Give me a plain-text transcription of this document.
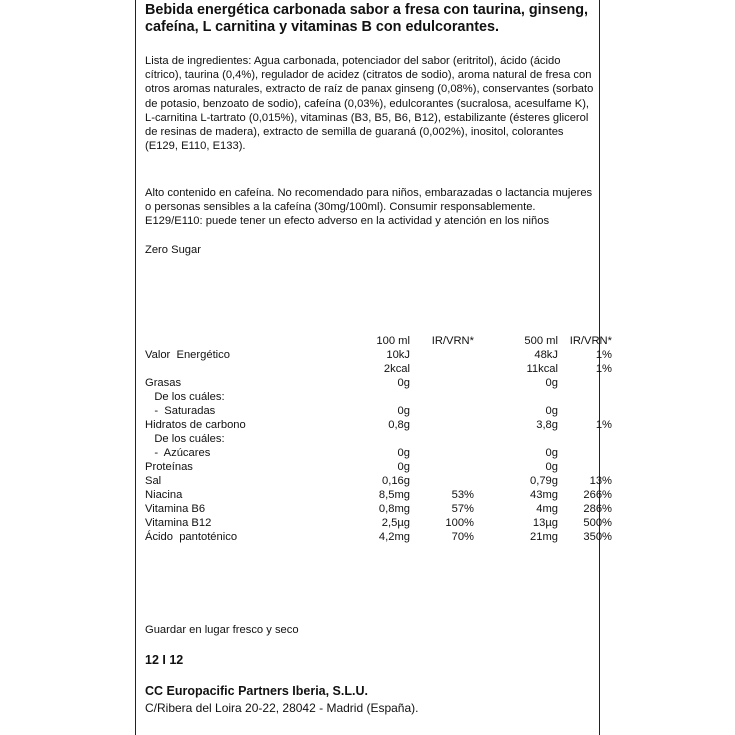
Bebida energética carbonada sabor a fresa con taurina, ginseng, cafeína, L carnitina y vitaminas B con edulcorantes.

Lista de ingredientes: Agua carbonada, potenciador del sabor (eritritol), ácido (ácido cítrico), taurina (0,4%), regulador de acidez (citratos de sodio), aroma natural de fresa con otros aromas naturales, extracto de raíz de panax ginseng (0,08%), conservantes (sorbato de potasio, benzoato de sodio), cafeína (0,03%), edulcorantes (sucralosa, acesulfame K), L-carnitina L-tartrato (0,015%), vitaminas (B3, B5, B6, B12), estabilizante (ésteres glicerol de resinas de madera), extracto de semilla de guaraná (0,002%), inositol, colorantes (E129, E110, E133).

Alto contenido en cafeína. No recomendado para niños, embarazadas o lactancia mujeres o personas sensibles a la cafeína (30mg/100ml). Consumir responsablemente. E129/E110: puede tener un efecto adverso en la actividad y atención en los niños

Zero Sugar

	100 ml	IR/VRN*	500 ml	IR/VRN*
Valor  Energético	10kJ		48kJ	1%
	2kcal		11kcal	1%
Grasas	0g		0g	
De los cuáles:				
-  Saturadas	0g		0g	
Hidratos de carbono	0,8g		3,8g	1%
De los cuáles:				
-  Azúcares	0g		0g	
Proteínas	0g		0g	
Sal	0,16g		0,79g	13%
Niacina	8,5mg	53%	43mg	266%
Vitamina B6	0,8mg	57%	4mg	286%
Vitamina B12	2,5µg	100%	13µg	500%
Ácido  pantoténico	4,2mg	70%	21mg	350%

Guardar en lugar fresco y seco

12 I 12

CC Europacific Partners Iberia, S.L.U.

C/Ribera del Loira 20-22, 28042 - Madrid (España).
